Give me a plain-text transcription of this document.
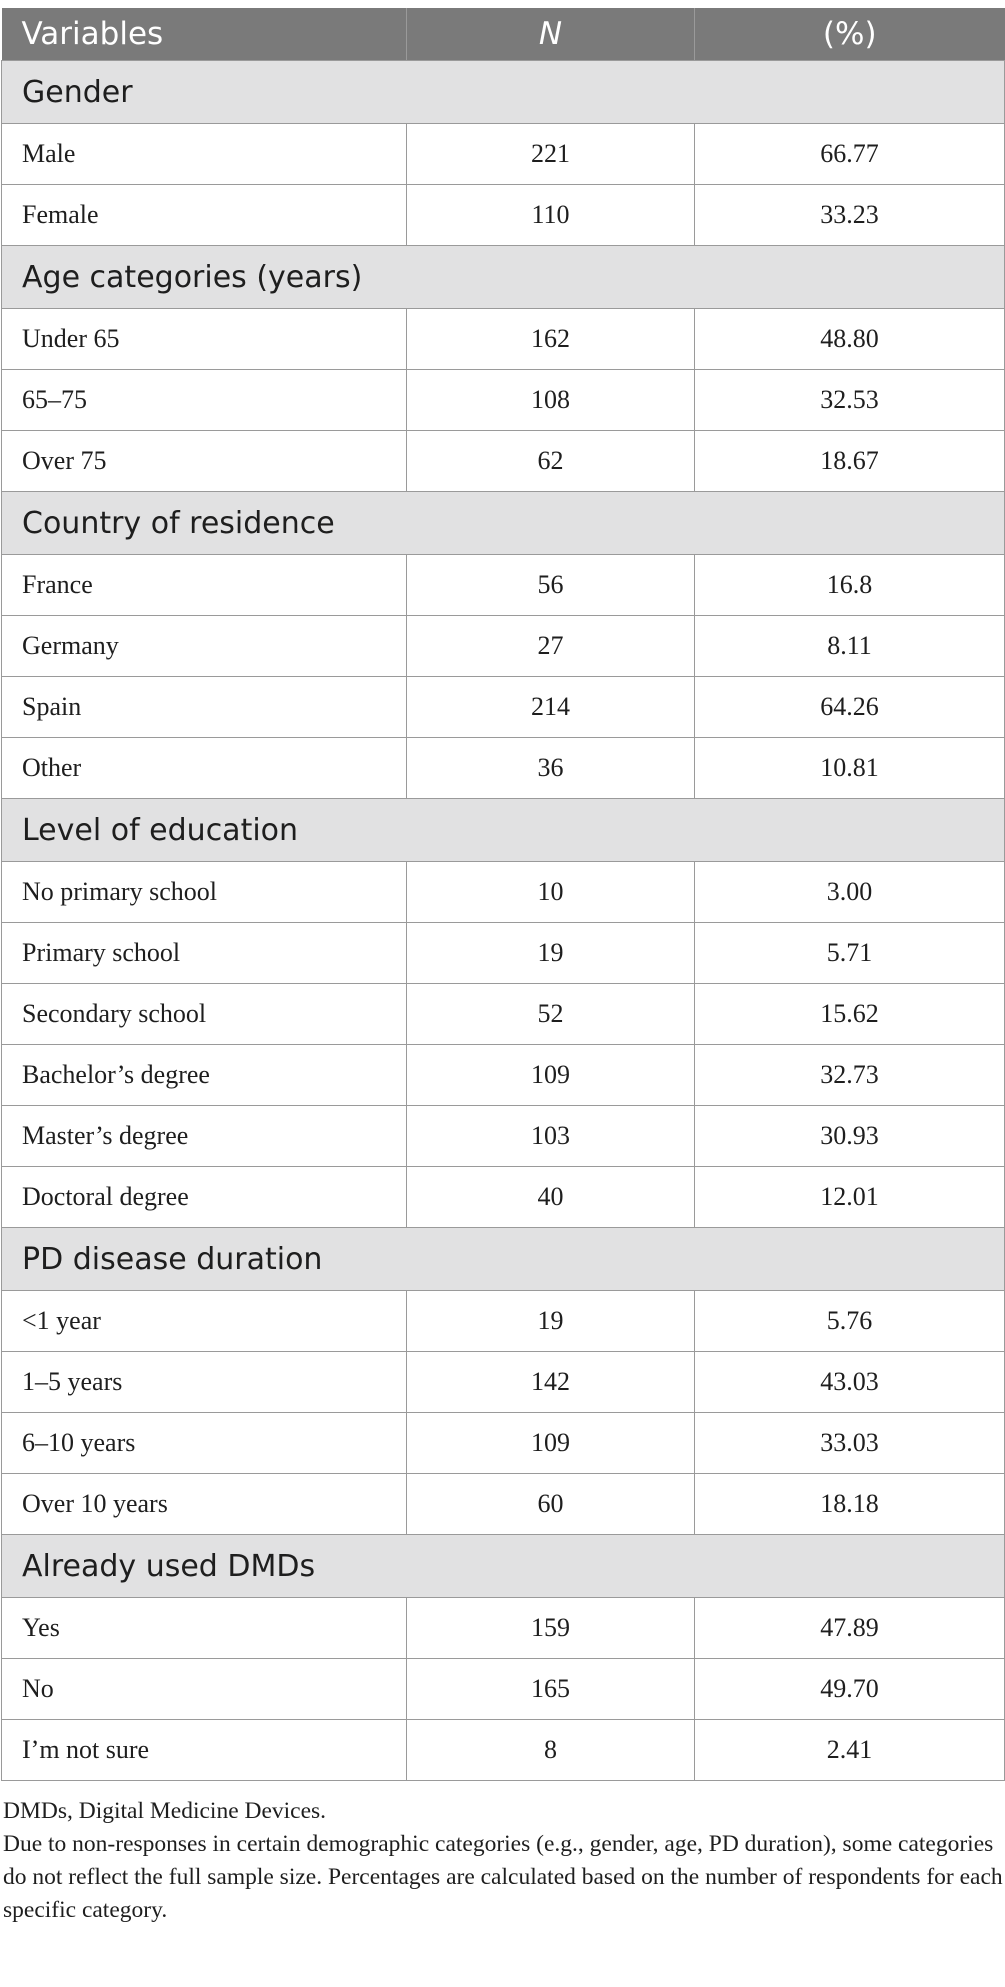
Variables	N	(%)
Gender		
Male	221	66.77
Female	110	33.23
Age categories (years)		
Under 65	162	48.80
65–75	108	32.53
Over 75	62	18.67
Country of residence		
France	56	16.8
Germany	27	8.11
Spain	214	64.26
Other	36	10.81
Level of education		
No primary school	10	3.00
Primary school	19	5.71
Secondary school	52	15.62
Bachelor’s degree	109	32.73
Master’s degree	103	30.93
Doctoral degree	40	12.01
PD disease duration		
<1 year	19	5.76
1–5 years	142	43.03
6–10 years	109	33.03
Over 10 years	60	18.18
Already used DMDs		
Yes	159	47.89
No	165	49.70
I’m not sure	8	2.41

DMDs, Digital Medicine Devices.

Due to non-responses in certain demographic categories (e.g., gender, age, PD duration), some categories do not reflect the full sample size. Percentages are calculated based on the number of respondents for each specific category.
